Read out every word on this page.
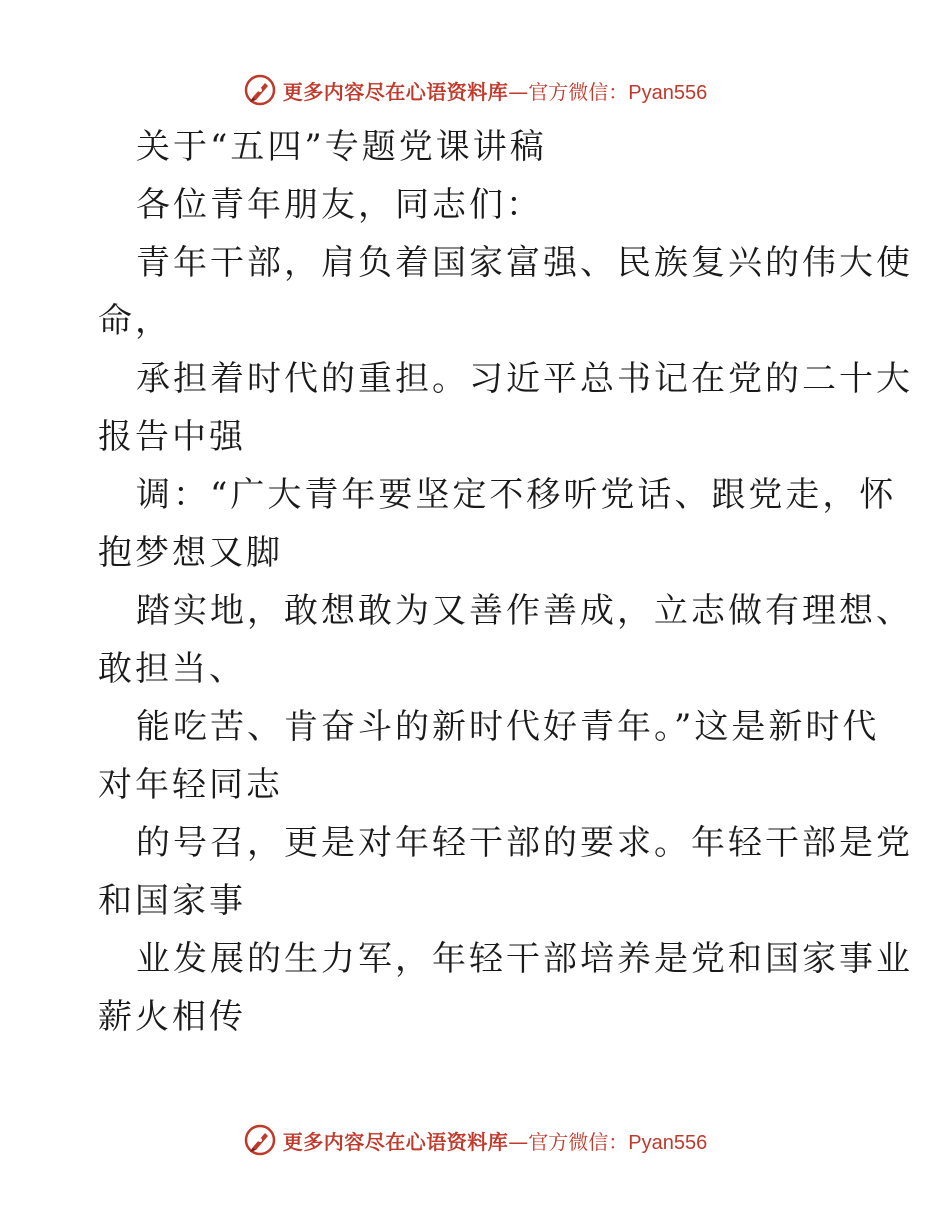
更多内容尽在心语资料库 — 官方微信： Pyan556
关于“五四”专题党课讲稿
各位青年朋友，同志们：
青年干部，肩负着国家富强、民族复兴的伟大使
命，
承担着时代的重担。习近平总书记在党的二十大
报告中强
调：“广大青年要坚定不移听党话、跟党走，怀
抱梦想又脚
踏实地，敢想敢为又善作善成，立志做有理想、
敢担当、
能吃苦、肯奋斗的新时代好青年。”这是新时代
对年轻同志
的号召，更是对年轻干部的要求。年轻干部是党
和国家事
业发展的生力军，年轻干部培养是党和国家事业
薪火相传
更多内容尽在心语资料库 — 官方微信： Pyan556
